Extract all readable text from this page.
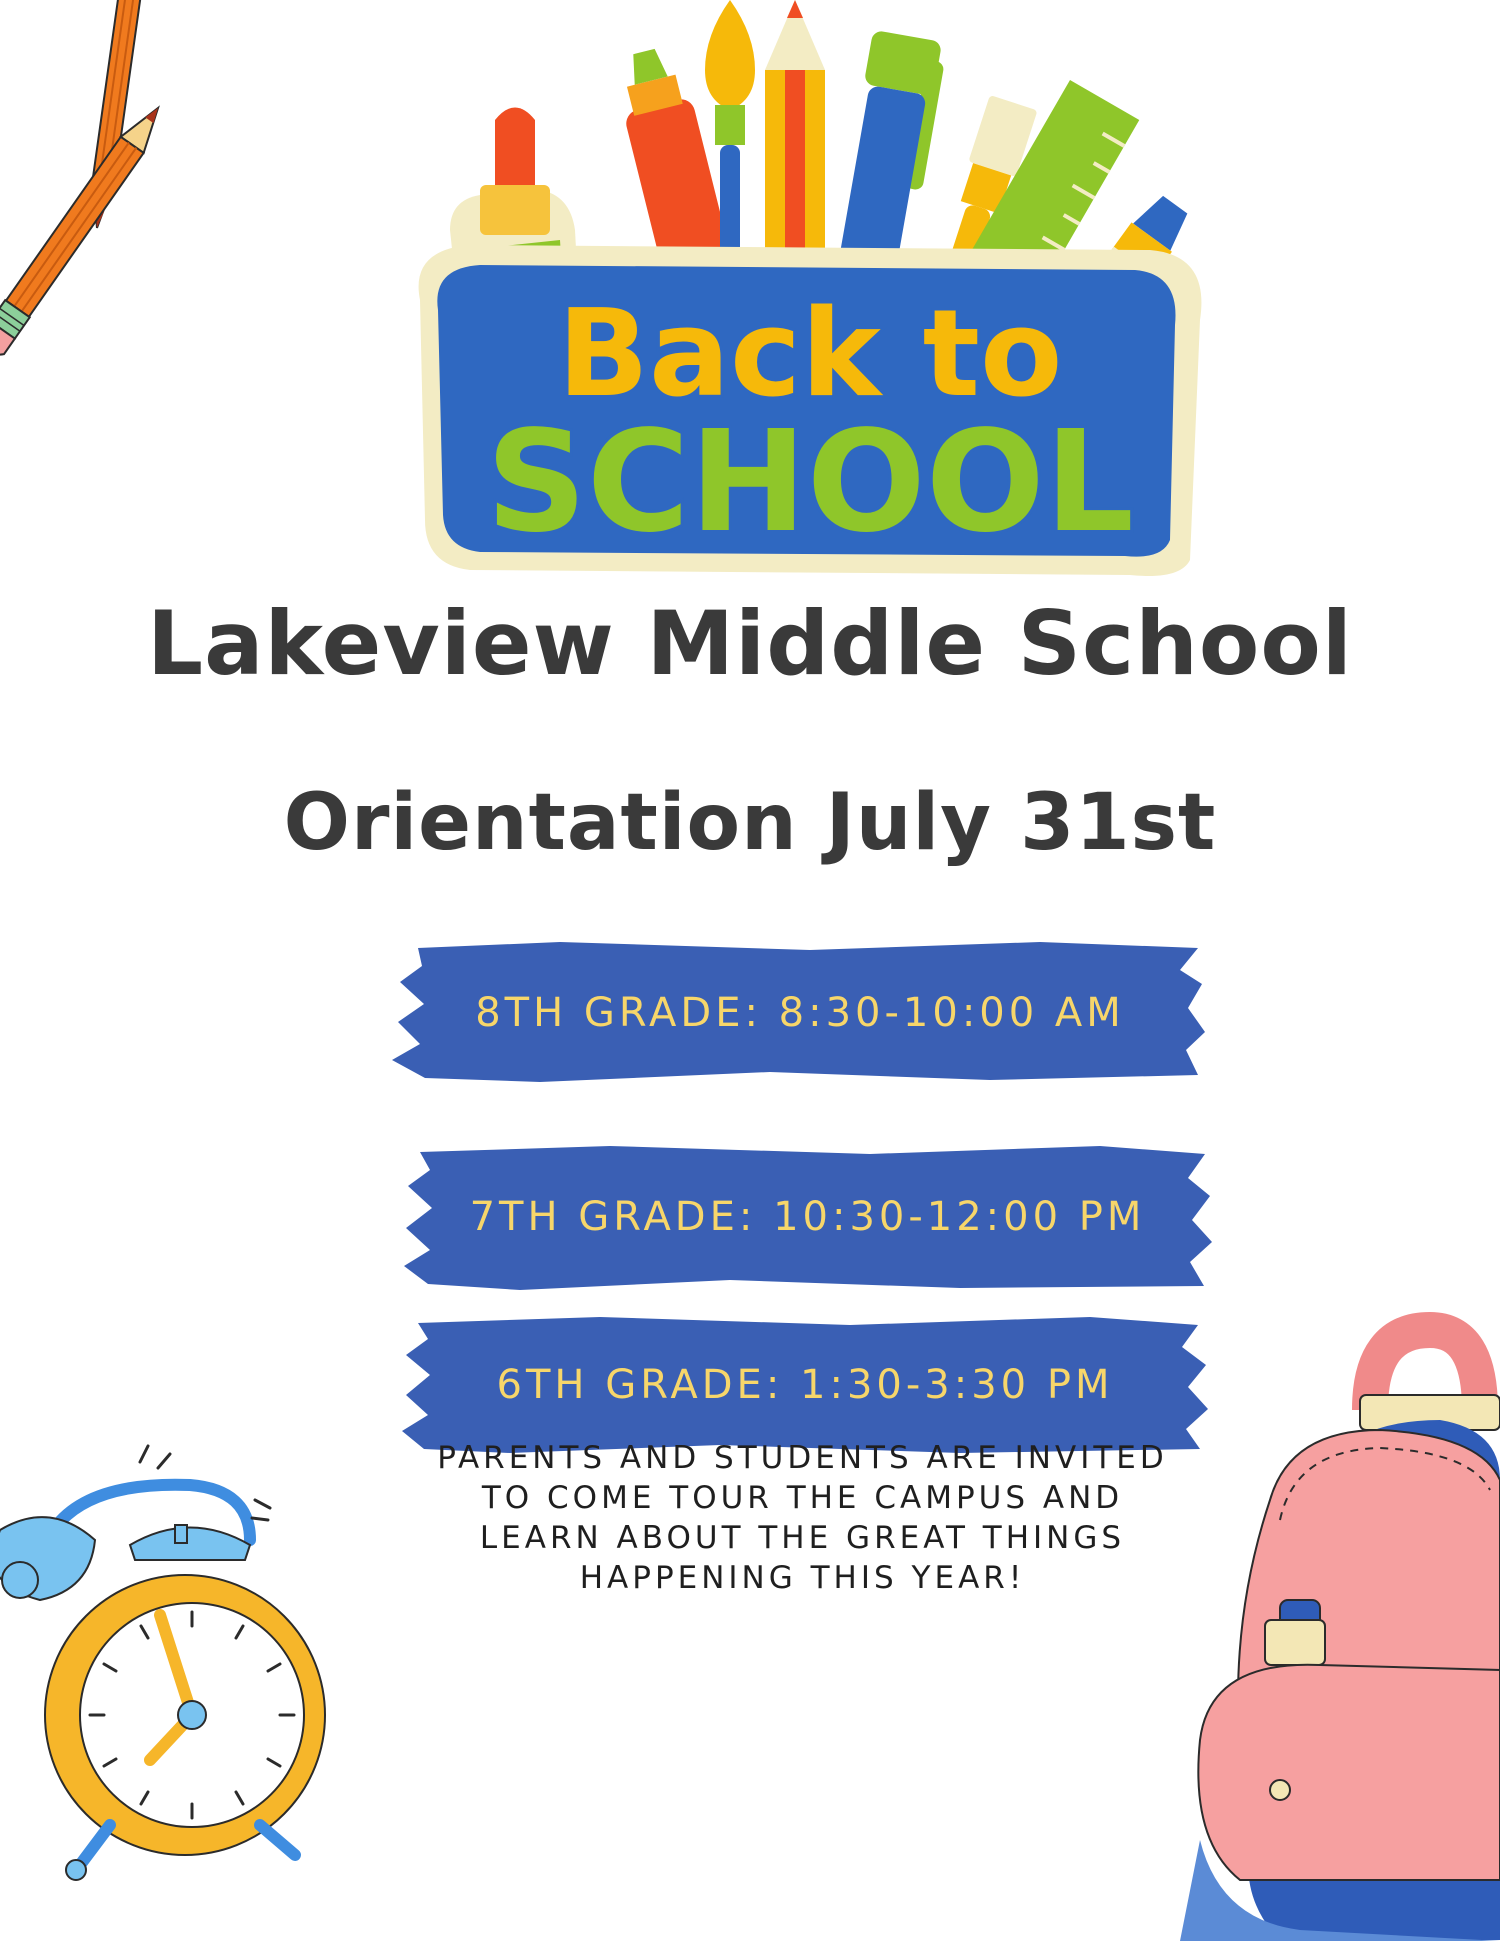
Back to
SCHOOL
Lakeview Middle School
Orientation July 31st
8TH GRADE: 8:30-10:00 AM
7TH GRADE: 10:30-12:00 PM
6TH GRADE: 1:30-3:30 PM
PARENTS AND STUDENTS ARE INVITED
TO COME TOUR THE CAMPUS AND
LEARN ABOUT THE GREAT THINGS
HAPPENING THIS YEAR!
